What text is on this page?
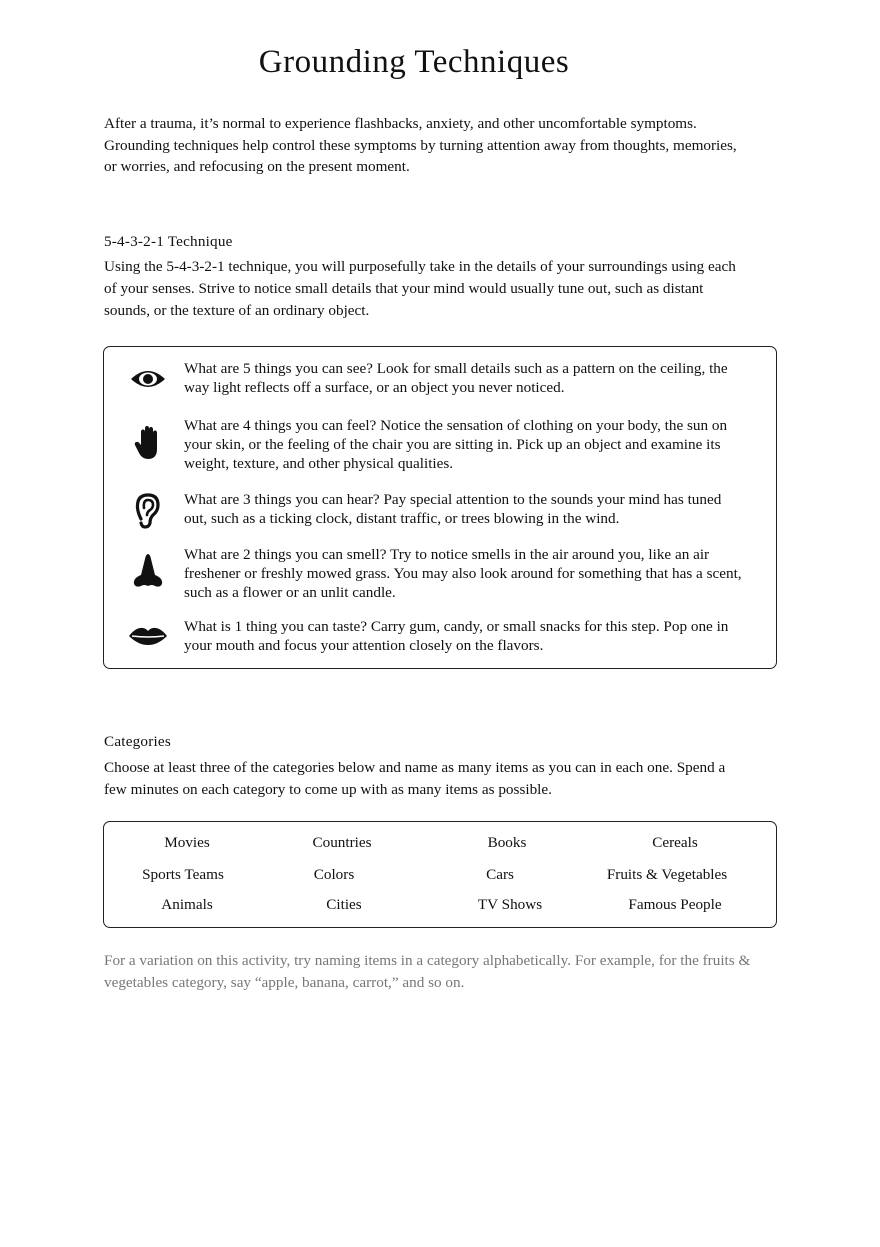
Grounding Techniques
After a trauma, it’s normal to experience flashbacks, anxiety, and other uncomfortable symptoms. Grounding techniques help control these symptoms by turning attention away from thoughts, memories, or worries, and refocusing on the present moment.
5-4-3-2-1 Technique
Using the 5-4-3-2-1 technique, you will purposefully take in the details of your surroundings using each of your senses. Strive to notice small details that your mind would usually tune out, such as distant sounds, or the texture of an ordinary object.
What are 5 things you can see? Look for small details such as a pattern on the ceiling, the way light reflects off a surface, or an object you never noticed.
What are 4 things you can feel? Notice the sensation of clothing on your body, the sun on your skin, or the feeling of the chair you are sitting in. Pick up an object and examine its weight, texture, and other physical qualities.
What are 3 things you can hear? Pay special attention to the sounds your mind has tuned out, such as a ticking clock, distant traffic, or trees blowing in the wind.
What are 2 things you can smell? Try to notice smells in the air around you, like an air freshener or freshly mowed grass. You may also look around for something that has a scent, such as a flower or an unlit candle.
What is 1 thing you can taste? Carry gum, candy, or small snacks for this step. Pop one in your mouth and focus your attention closely on the flavors.
Categories
Choose at least three of the categories below and name as many items as you can in each one. Spend a few minutes on each category to come up with as many items as possible.
Movies	Countries	Books	Cereals
Sports Teams	Colors	Cars	Fruits & Vegetables
Animals	Cities	TV Shows	Famous People
For a variation on this activity, try naming items in a category alphabetically. For example, for the fruits & vegetables category, say “apple, banana, carrot,” and so on.
